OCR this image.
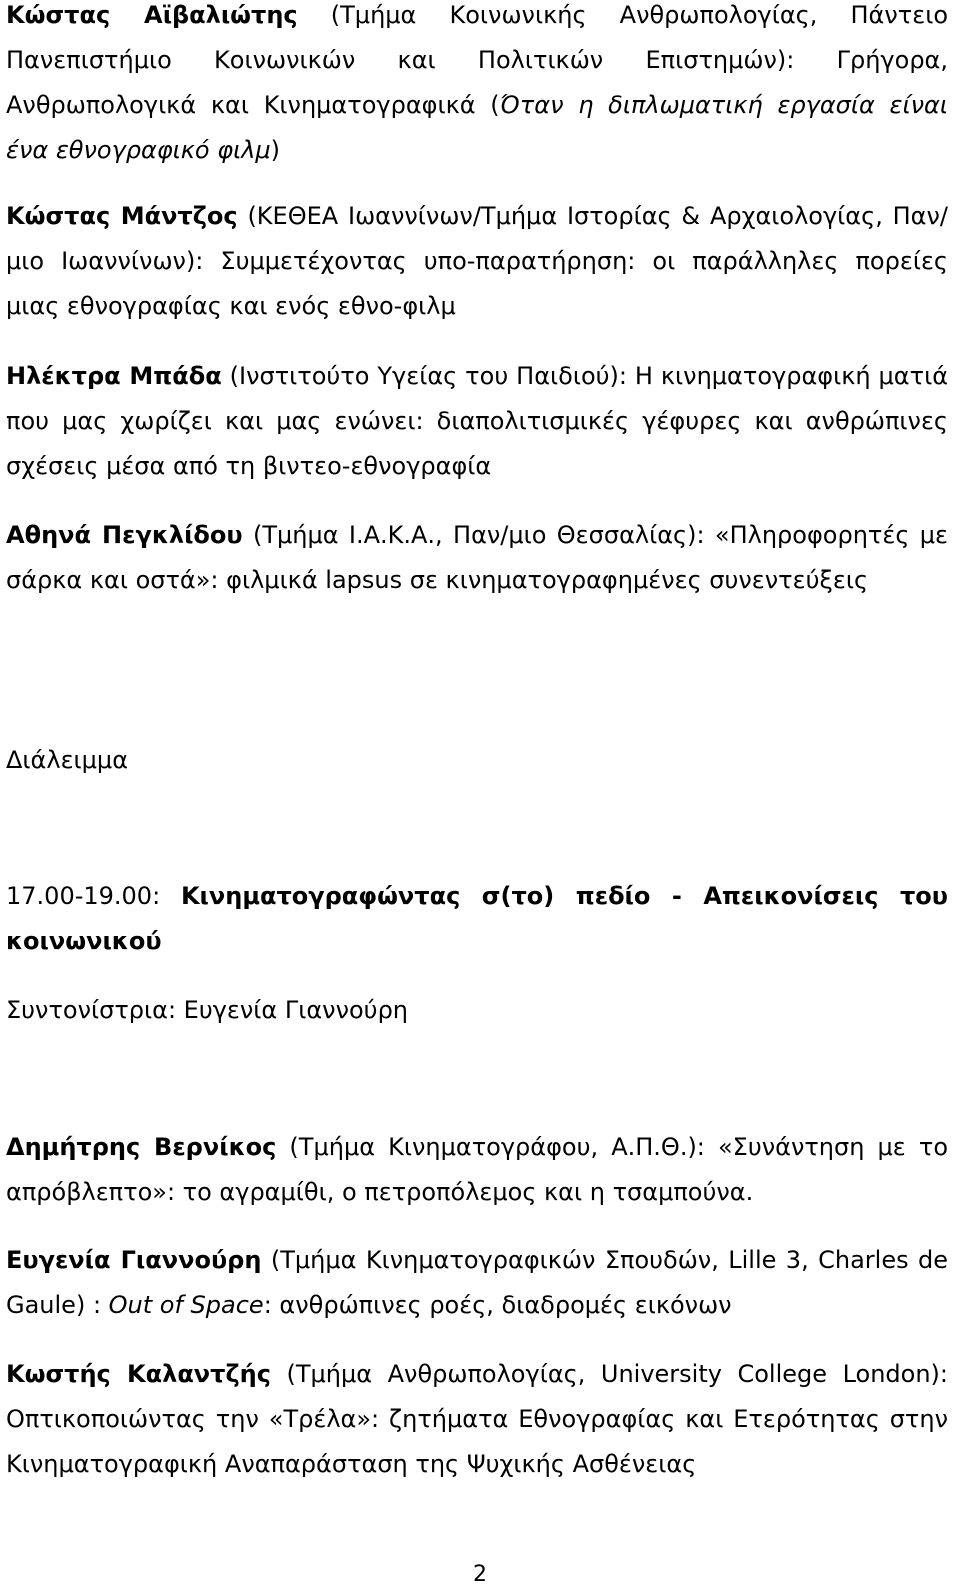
Κώστας Αϊβαλιώτης (Τμήμα Κοινωνικής Ανθρωπολογίας, Πάντειο Πανεπιστήμιο Κοινωνικών και Πολιτικών Επιστημών): Γρήγορα, Ανθρωπολογικά και Κινηματογραφικά (Όταν η διπλωματική εργασία είναι ένα εθνογραφικό φιλμ)

Κώστας Μάντζος (ΚΕΘΕΑ Ιωαννίνων/Τμήμα Ιστορίας & Αρχαιολογίας, Παν/μιο Ιωαννίνων): Συμμετέχοντας υπο-παρατήρηση: οι παράλληλες πορείες μιας εθνογραφίας και ενός εθνο-φιλμ

Ηλέκτρα Μπάδα (Ινστιτούτο Υγείας του Παιδιού): Η κινηματογραφική ματιά που μας χωρίζει και μας ενώνει: διαπολιτισμικές γέφυρες και ανθρώπινες σχέσεις μέσα από τη βιντεο-εθνογραφία

Αθηνά Πεγκλίδου (Τμήμα Ι.Α.Κ.Α., Παν/μιο Θεσσαλίας): «Πληροφορητές με σάρκα και οστά»: φιλμικά lapsus σε κινηματογραφημένες συνεντεύξεις

Διάλειμμα

17.00-19.00: Κινηματογραφώντας σ(το) πεδίο - Απεικονίσεις του κοινωνικού

Συντονίστρια: Ευγενία Γιαννούρη

Δημήτρης Βερνίκος (Τμήμα Κινηματογράφου, Α.Π.Θ.): «Συνάντηση με το απρόβλεπτο»: το αγραμίθι, ο πετροπόλεμος και η τσαμπούνα.

Ευγενία Γιαννούρη (Τμήμα Κινηματογραφικών Σπουδών, Lille 3, Charles de Gaule) : Out of Space: ανθρώπινες ροές, διαδρομές εικόνων

Κωστής Καλαντζής (Τμήμα Ανθρωπολογίας, University College London): Οπτικοποιώντας την «Τρέλα»: ζητήματα Εθνογραφίας και Ετερότητας στην Κινηματογραφική Αναπαράσταση της Ψυχικής Ασθένειας

2
